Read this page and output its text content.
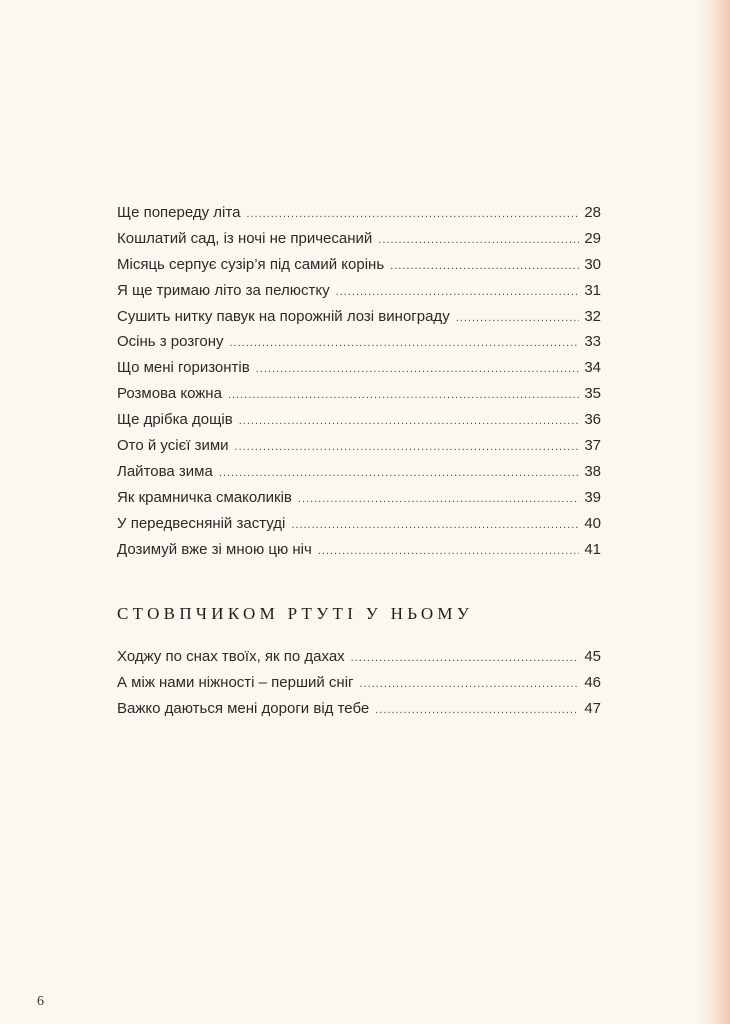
Ще попереду літа .....	28
Кошлатий сад, із ночі не причесаний .....	29
Місяць серпує сузір’я під самий корінь .....	30
Я ще тримаю літо за пелюстку .....	31
Сушить нитку павук на порожній лозі винограду .....	32
Осінь з розгону .....	33
Що мені горизонтів .....	34
Розмова кожна .....	35
Ще дрібка дощів .....	36
Ото й усієї зими .....	37
Лайтова зима .....	38
Як крамничка смаколиків .....	39
У передвесняній застуді .....	40
Дозимуй вже зі мною цю ніч .....	41
СТОВПЧИКОМ РТУТІ У НЬОМУ
Ходжу по снах твоїх, як по дахах .....	45
А між нами ніжності – перший сніг .....	46
Важко даються мені дороги від тебе .....	47
6
